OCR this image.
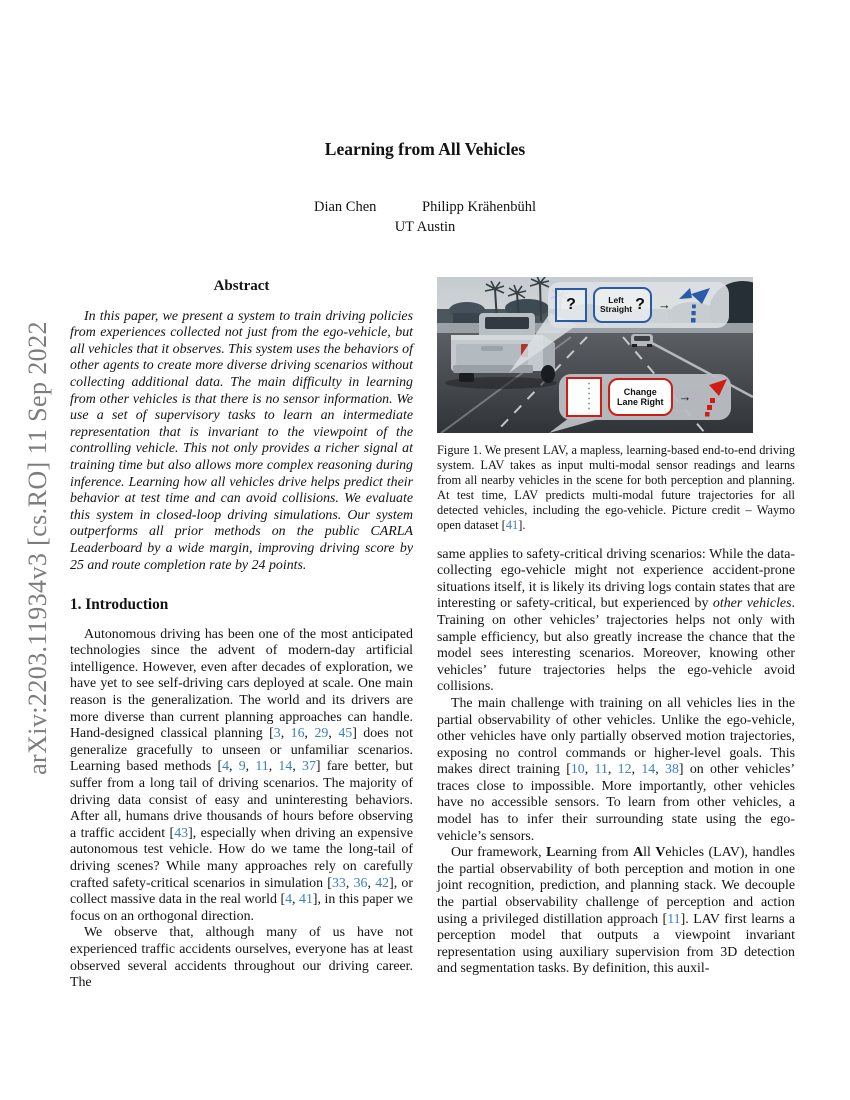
arXiv:2203.11934v3 [cs.RO] 11 Sep 2022
Learning from All Vehicles
Dian Chen	Philipp Krähenbühl
UT Austin
Abstract

In this paper, we present a system to train driving policies from experiences collected not just from the ego-vehicle, but all vehicles that it observes. This system uses the behaviors of other agents to create more diverse driving scenarios without collecting additional data. The main difficulty in learning from other vehicles is that there is no sensor information. We use a set of supervisory tasks to learn an intermediate representation that is invariant to the viewpoint of the controlling vehicle. This not only provides a richer signal at training time but also allows more complex reasoning during inference. Learning how all vehicles drive helps predict their behavior at test time and can avoid collisions. We evaluate this system in closed-loop driving simulations. Our system outperforms all prior methods on the public CARLA Leaderboard by a wide margin, improving driving score by 25 and route completion rate by 24 points.

1. Introduction

Autonomous driving has been one of the most anticipated technologies since the advent of modern-day artificial intelligence. However, even after decades of exploration, we have yet to see self-driving cars deployed at scale. One main reason is the generalization. The world and its drivers are more diverse than current planning approaches can handle. Hand-designed classical planning [3, 16, 29, 45] does not generalize gracefully to unseen or unfamiliar scenarios. Learning based methods [4, 9, 11, 14, 37] fare better, but suffer from a long tail of driving scenarios. The majority of driving data consist of easy and uninteresting behaviors. After all, humans drive thousands of hours before observing a traffic accident [43], especially when driving an expensive autonomous test vehicle. How do we tame the long-tail of driving scenes? While many approaches rely on carefully crafted safety-critical scenarios in simulation [33, 36, 42], or collect massive data in the real world [4, 41], in this paper we focus on an orthogonal direction.

We observe that, although many of us have not experienced traffic accidents ourselves, everyone has at least observed several accidents throughout our driving career. The

?	Left
Straight ? →
Change
Lane Right →
Figure 1. We present LAV, a mapless, learning-based end-to-end driving system. LAV takes as input multi-modal sensor readings and learns from all nearby vehicles in the scene for both perception and planning. At test time, LAV predicts multi-modal future trajectories for all detected vehicles, including the ego-vehicle. Picture credit – Waymo open dataset [41].

same applies to safety-critical driving scenarios: While the data-collecting ego-vehicle might not experience accident-prone situations itself, it is likely its driving logs contain states that are interesting or safety-critical, but experienced by other vehicles. Training on other vehicles’ trajectories helps not only with sample efficiency, but also greatly increase the chance that the model sees interesting scenarios. Moreover, knowing other vehicles’ future trajectories helps the ego-vehicle avoid collisions.

The main challenge with training on all vehicles lies in the partial observability of other vehicles. Unlike the ego-vehicle, other vehicles have only partially observed motion trajectories, exposing no control commands or higher-level goals. This makes direct training [10, 11, 12, 14, 38] on other vehicles’ traces close to impossible. More importantly, other vehicles have no accessible sensors. To learn from other vehicles, a model has to infer their surrounding state using the ego-vehicle’s sensors.

Our framework, Learning from All Vehicles (LAV), handles the partial observability of both perception and motion in one joint recognition, prediction, and planning stack. We decouple the partial observability challenge of perception and action using a privileged distillation approach [11]. LAV first learns a perception model that outputs a viewpoint invariant representation using auxiliary supervision from 3D detection and segmentation tasks. By definition, this auxil-
